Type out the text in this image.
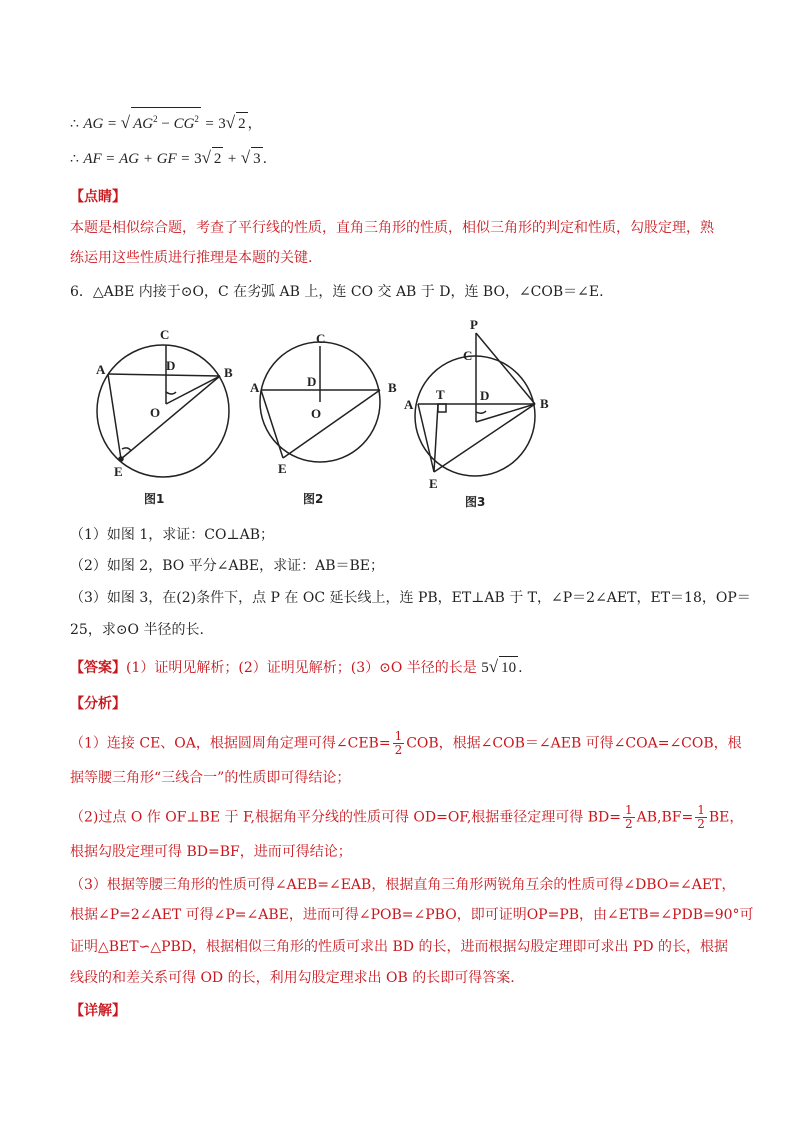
∴ AG = √ $AG^2 - CG^2 = 3√$ 2 ，
∴ AF = AG + GF = 3√ 2 + √ 3 .
【点睛】
本题是相似综合题，考查了平行线的性质，直角三角形的性质，相似三角形的判定和性质，勾股定理，熟
练运用这些性质进行推理是本题的关键.
6．△ABE 内接于⊙O，C 在劣弧 AB 上，连 CO 交 AB 于 D，连 BO，∠COB＝∠E.
C
D
A	B
O
E
图1
C
D
A	B
O
E
图2
P
C
T	D
A	B
E
图3
（1）如图 1，求证：CO⊥AB；
（2）如图 2，BO 平分∠ABE，求证：AB＝BE；
（3）如图 3，在(2)条件下，点 P 在 OC 延长线上，连 PB，ET⊥AB 于 T，∠P＝2∠AET，ET＝18，OP＝
25，求⊙O 半径的长.
【答案】(1）证明见解析；(2）证明见解析；(3）⊙O 半径的长是 5√ 10 .
【分析】
（1）连接 CE、OA，根据圆周角定理可得∠CEB= $\frac{1}{2}$ COB，根据∠COB＝∠AEB 可得∠COA=∠COB，根
据等腰三角形“三线合一”的性质即可得结论；
（2)过点 O 作 OF⊥BE 于 F,根据角平分线的性质可得 OD=OF,根据垂径定理可得 $BD= \frac{1}{2} AB,BF= \frac{1}{2}$ BE，
根据勾股定理可得 BD=BF，进而可得结论；
（3）根据等腰三角形的性质可得∠AEB=∠EAB，根据直角三角形两锐角互余的性质可得∠DBO=∠AET，
根据∠P=2∠AET 可得∠P=∠ABE，进而可得∠POB=∠PBO，即可证明OP=PB，由∠ETB=∠PDB=90°可
证明△BET∽△PBD，根据相似三角形的性质可求出 BD 的长，进而根据勾股定理即可求出 PD 的长，根据
线段的和差关系可得 OD 的长，利用勾股定理求出 OB 的长即可得答案.
【详解】
